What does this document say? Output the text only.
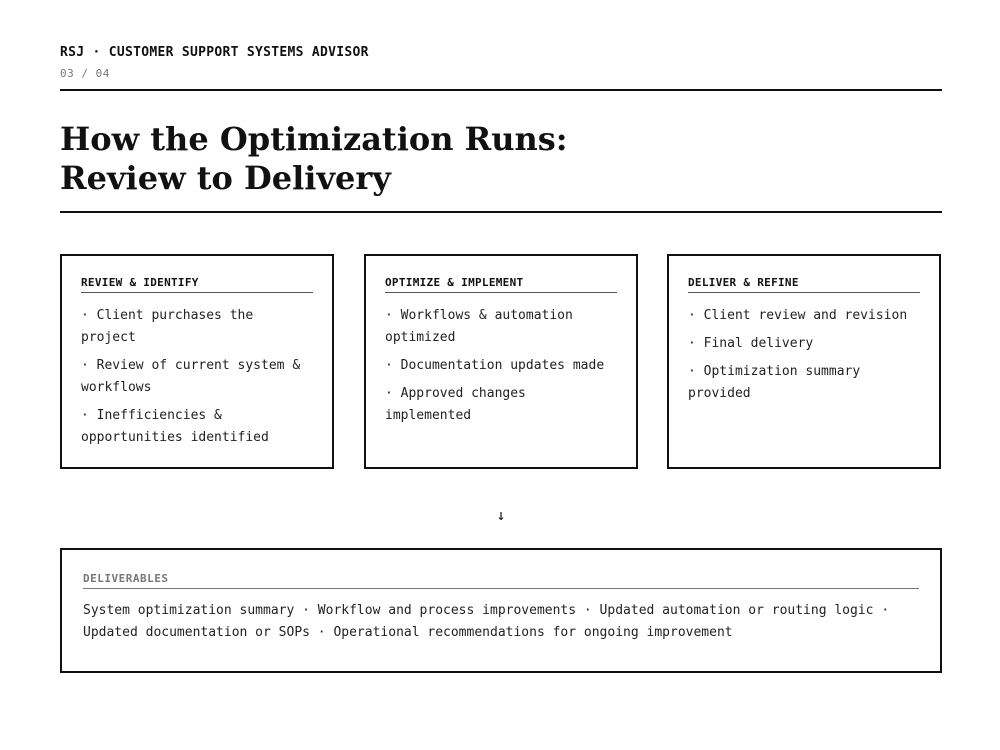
RSJ · CUSTOMER SUPPORT SYSTEMS ADVISOR
03 / 04
How the Optimization Runs:
Review to Delivery
REVIEW & IDENTIFY
· Client purchases the project
· Review of current system & workflows
· Inefficiencies & opportunities identified
OPTIMIZE & IMPLEMENT
· Workflows & automation optimized
· Documentation updates made
· Approved changes implemented
DELIVER & REFINE
· Client review and revision
· Final delivery
· Optimization summary provided
↓
DELIVERABLES
System optimization summary · Workflow and process improvements · Updated automation or routing logic · Updated documentation or SOPs · Operational recommendations for ongoing improvement
